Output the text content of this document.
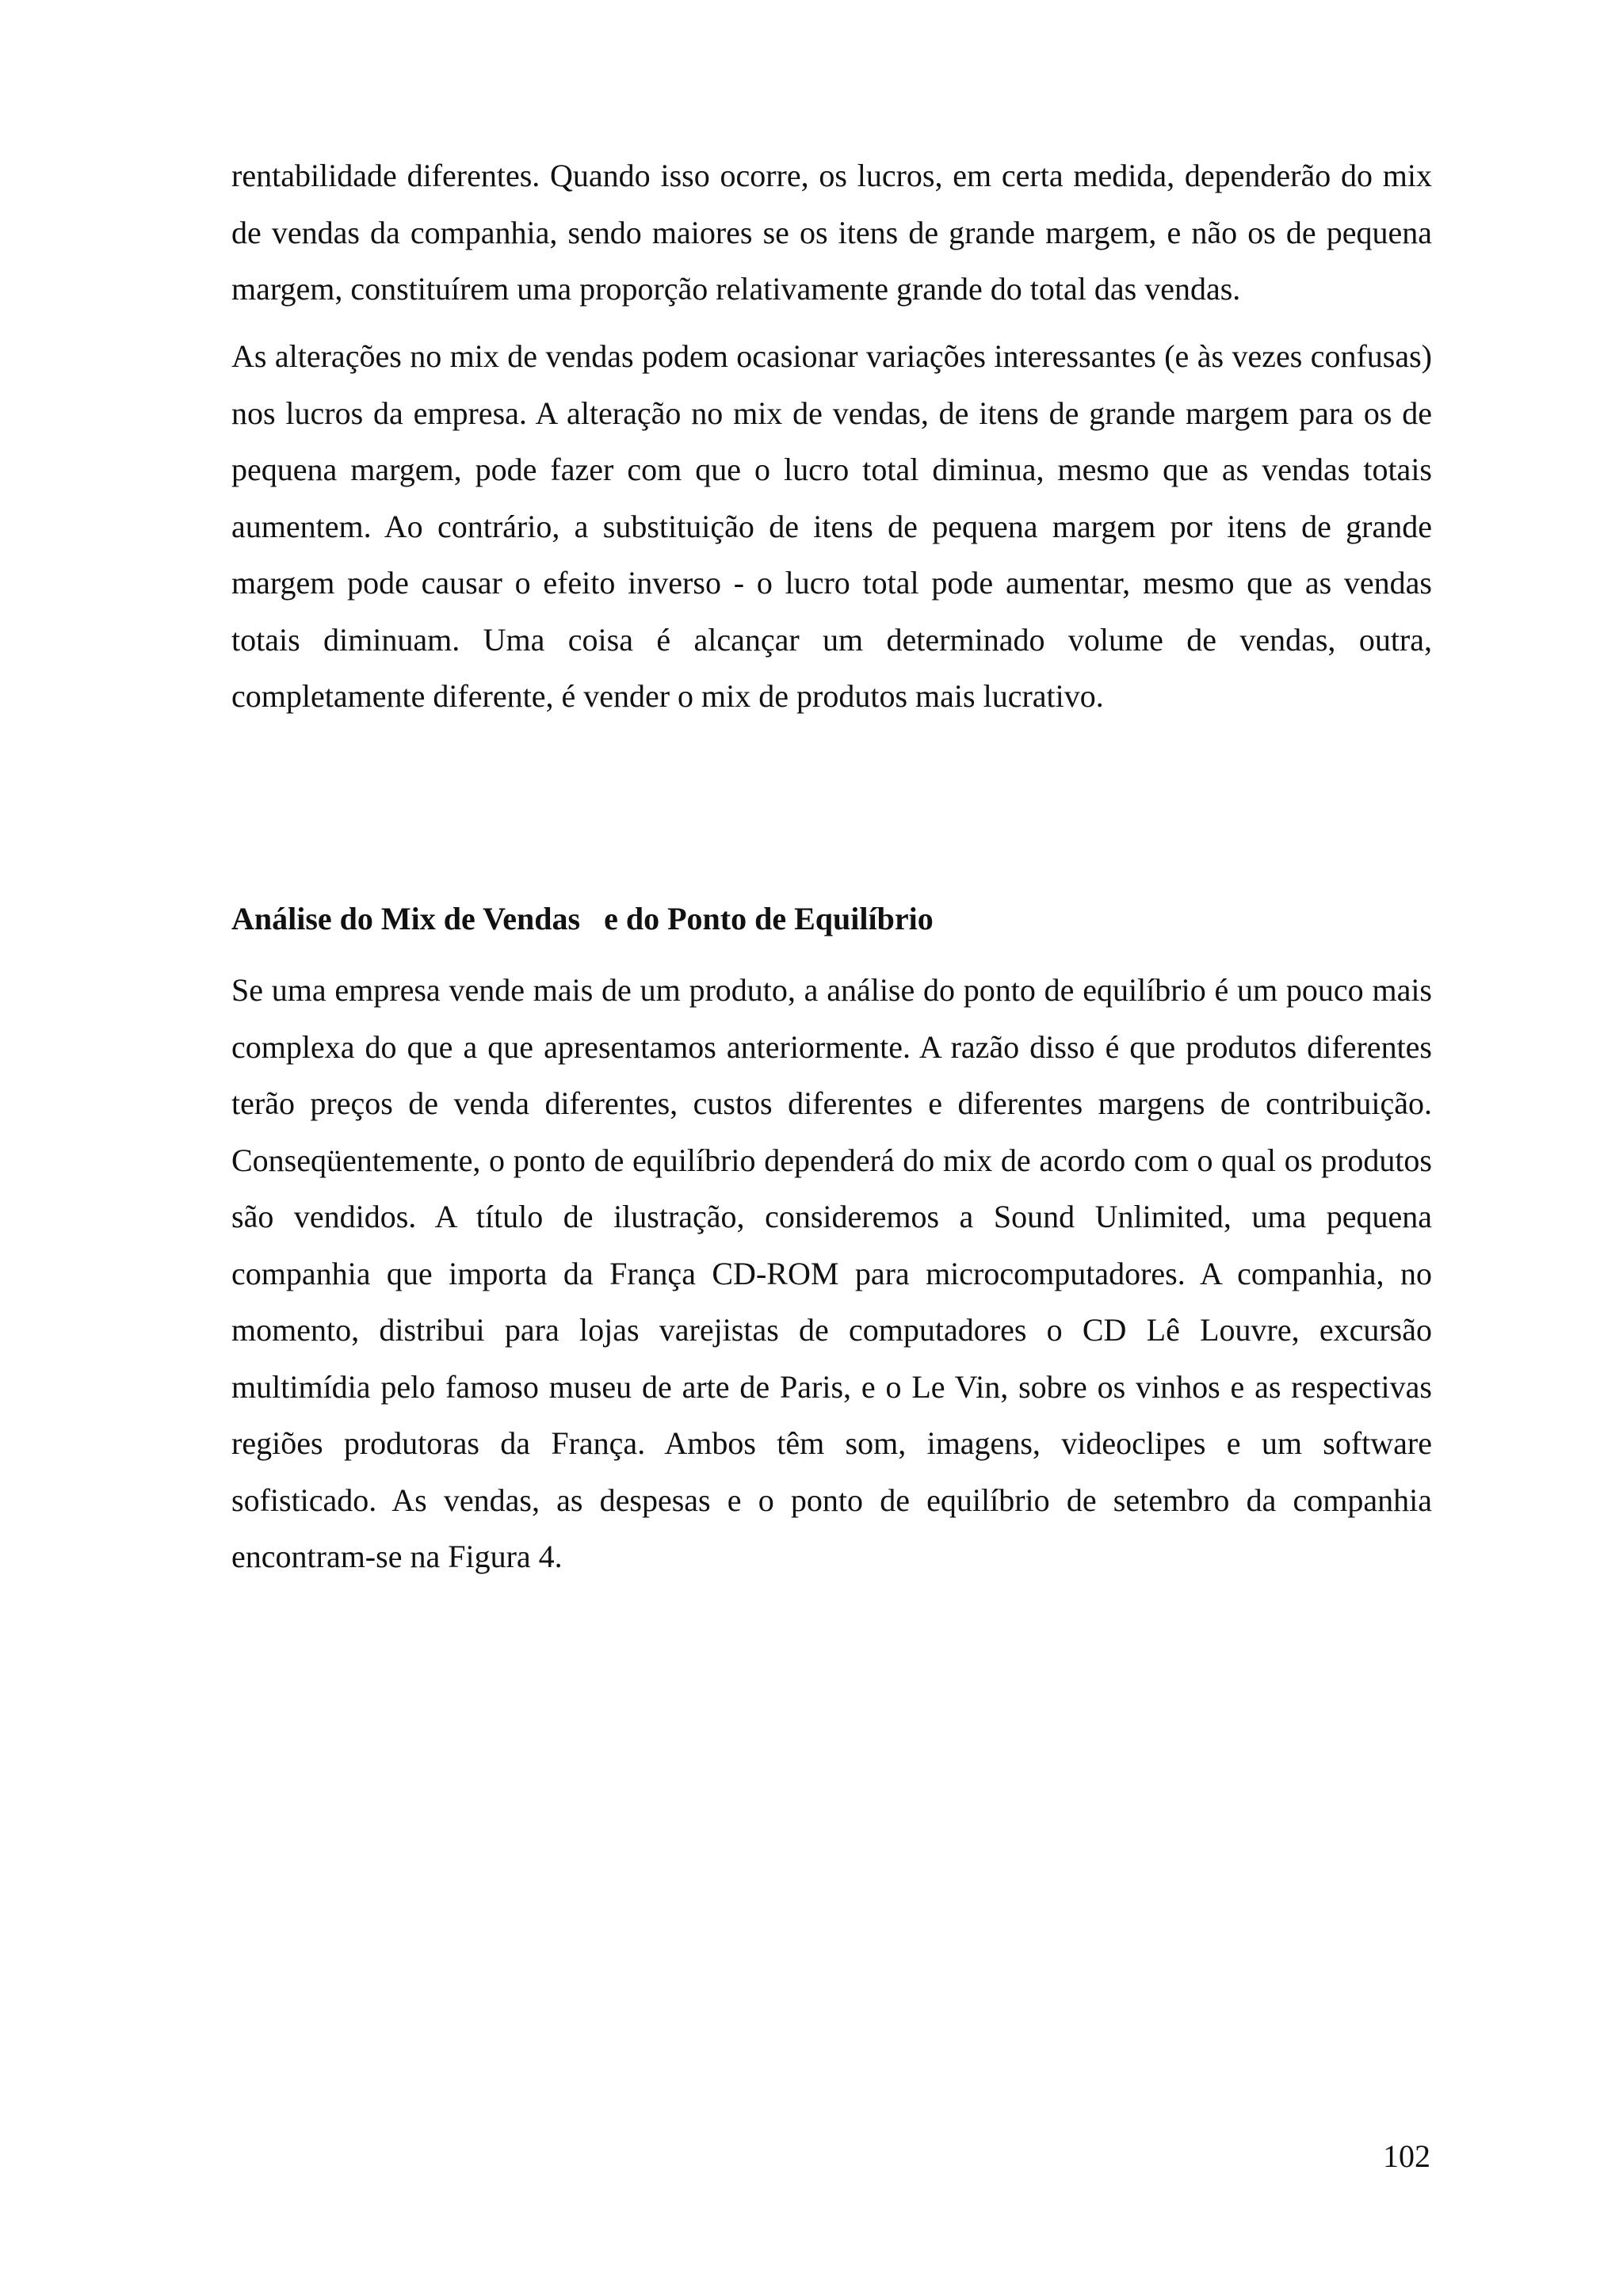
rentabilidade diferentes. Quando isso ocorre, os lucros, em certa medida, dependerão do mix de vendas da companhia, sendo maiores se os itens de grande margem, e não os de pequena margem, constituírem uma proporção relativamente grande do total das vendas.

As alterações no mix de vendas podem ocasionar variações interessantes (e às vezes confusas) nos lucros da empresa. A alteração no mix de vendas, de itens de grande margem para os de pequena margem, pode fazer com que o lucro total diminua, mesmo que as vendas totais aumentem. Ao contrário, a substituição de itens de pequena margem por itens de grande margem pode causar o efeito inverso - o lucro total pode aumentar, mesmo que as vendas totais diminuam. Uma coisa é alcançar um determinado volume de vendas, outra, completamente diferente, é vender o mix de produtos mais lucrativo.

Análise do Mix de Vendas   e do Ponto de Equilíbrio

Se uma empresa vende mais de um produto, a análise do ponto de equilíbrio é um pouco mais complexa do que a que apresentamos anteriormente. A razão disso é que produtos diferentes terão preços de venda diferentes, custos diferentes e diferentes margens de contribuição. Conseqüentemente, o ponto de equilíbrio dependerá do mix de acordo com o qual os produtos são vendidos. A título de ilustração, consideremos a Sound Unlimited, uma pequena companhia que importa da França CD-ROM para microcomputadores. A companhia, no momento, distribui para lojas varejistas de computadores o CD Lê Louvre, excursão multimídia pelo famoso museu de arte de Paris, e o Le Vin, sobre os vinhos e as respectivas regiões produtoras da França. Ambos têm som, imagens, videoclipes e um software sofisticado. As vendas, as despesas e o ponto de equilíbrio de setembro da companhia encontram-se na Figura 4.

102
